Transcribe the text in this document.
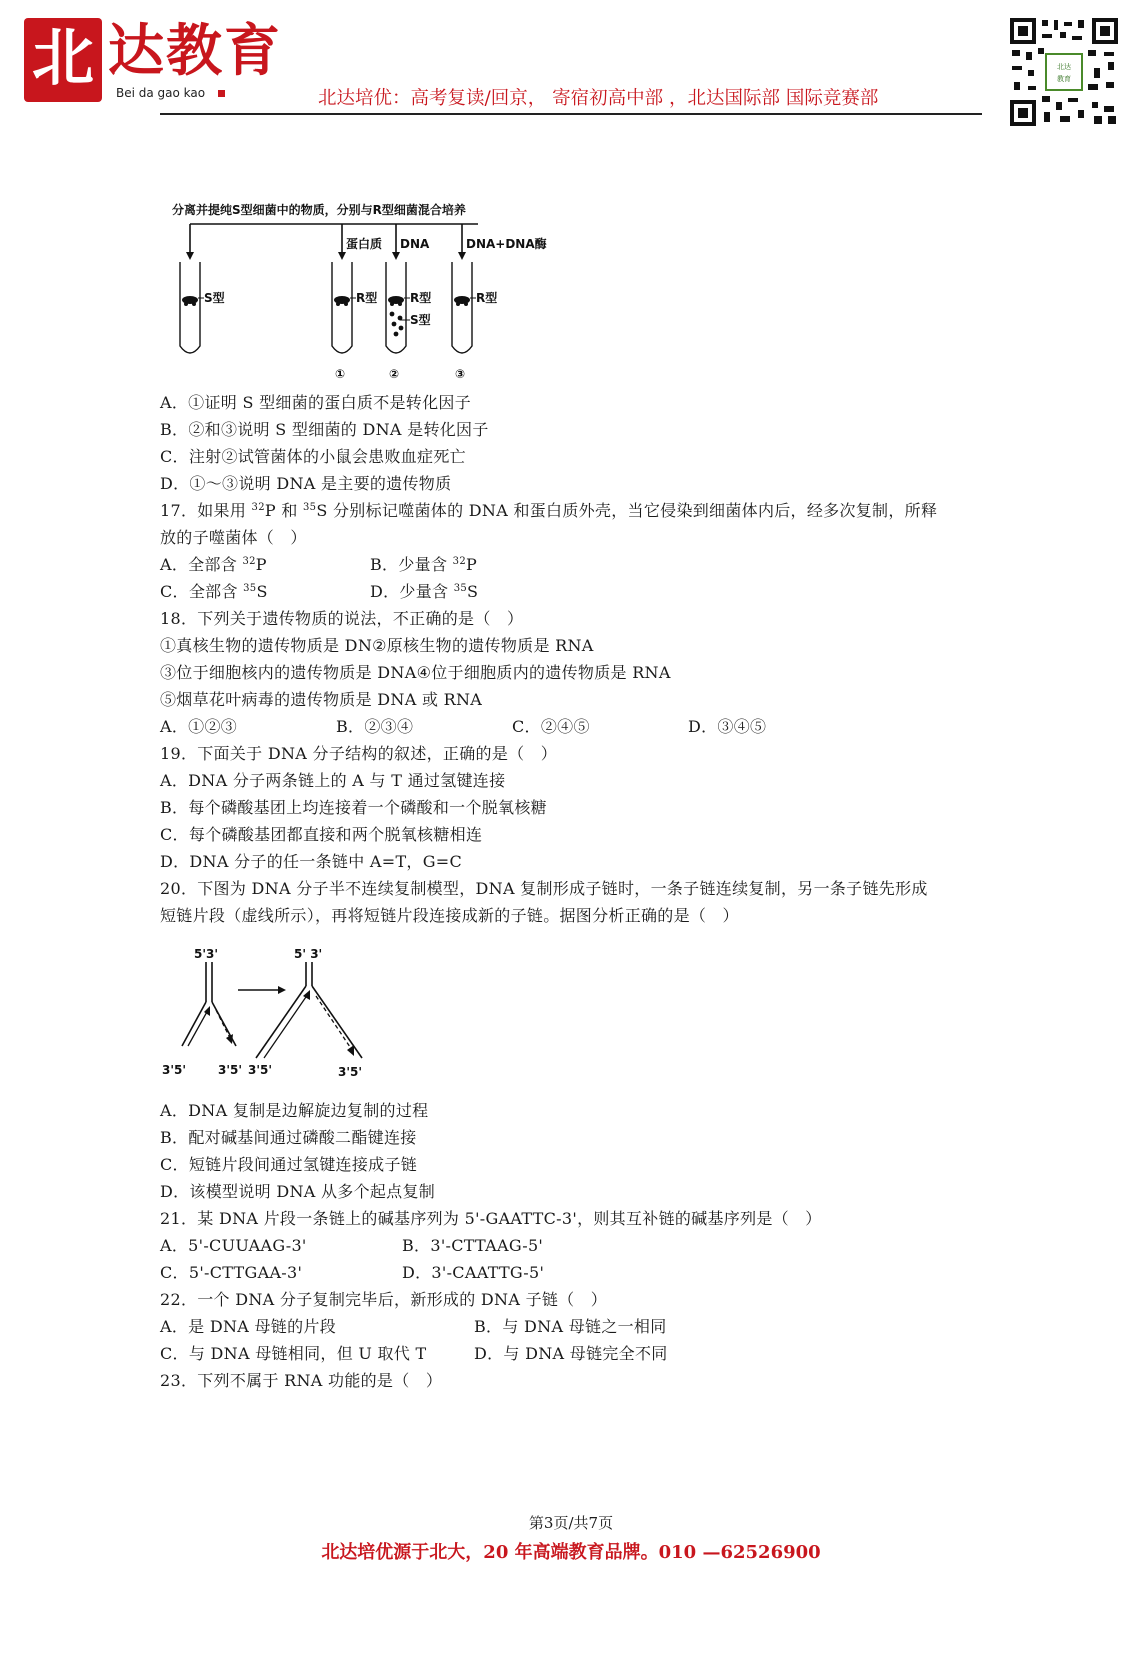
北 达教育
Bei da gao kao	北达培优：高考复读/回京， 寄宿初高中部 ，北达国际部 国际竞赛部
北达
教育
分离并提纯S型细菌中的物质，分别与R型细菌混合培养
蛋白质 DNA	DNA+DNA酶
S型	R型	R型
S型
R型
①	②	③
A．①证明 S 型细菌的蛋白质不是转化因子
B．②和③说明 S 型细菌的 DNA 是转化因子
C．注射②试管菌体的小鼠会患败血症死亡
D．①～③说明 DNA 是主要的遗传物质
17．如果用 $^{32}$P 和 $^{35}$S 分别标记噬菌体的 DNA 和蛋白质外壳，当它侵染到细菌体内后，经多次复制，所释
放的子噬菌体（　）
A．全部含 $^{32}$P	B．少量含 $^{32}$P
C．全部含 $^{35}$S	D．少量含 $^{35}$S
18．下列关于遗传物质的说法，不正确的是（　）
①真核生物的遗传物质是 DN②原核生物的遗传物质是 RNA
③位于细胞核内的遗传物质是 DNA④位于细胞质内的遗传物质是 RNA
⑤烟草花叶病毒的遗传物质是 DNA 或 RNA
A．①②③	B．②③④	C．②④⑤	D．③④⑤
19．下面关于 DNA 分子结构的叙述，正确的是（　）
A．DNA 分子两条链上的 A 与 T 通过氢键连接
B．每个磷酸基团上均连接着一个磷酸和一个脱氧核糖
C．每个磷酸基团都直接和两个脱氧核糖相连
D．DNA 分子的任一条链中 A=T，G=C
20．下图为 DNA 分子半不连续复制模型，DNA 复制形成子链时，一条子链连续复制，另一条子链先形成
短链片段（虚线所示），再将短链片段连接成新的子链。据图分析正确的是（　）
5'3'	5' 3'
3'5'	3'5' 3'5'	3'5'
A．DNA 复制是边解旋边复制的过程
B．配对碱基间通过磷酸二酯键连接
C．短链片段间通过氢键连接成子链
D．该模型说明 DNA 从多个起点复制
21．某 DNA 片段一条链上的碱基序列为 5'-GAATTC-3'，则其互补链的碱基序列是（　）
A．5'-CUUAAG-3'	B．3'-CTTAAG-5'
C．5'-CTTGAA-3'	D．3'-CAATTG-5'
22．一个 DNA 分子复制完毕后，新形成的 DNA 子链（　）
A．是 DNA 母链的片段	B．与 DNA 母链之一相同
C．与 DNA 母链相同，但 U 取代 T	D．与 DNA 母链完全不同
23．下列不属于 RNA 功能的是（　）
第3页/共7页
北达培优源于北大，20 年高端教育品牌。010 —62526900
